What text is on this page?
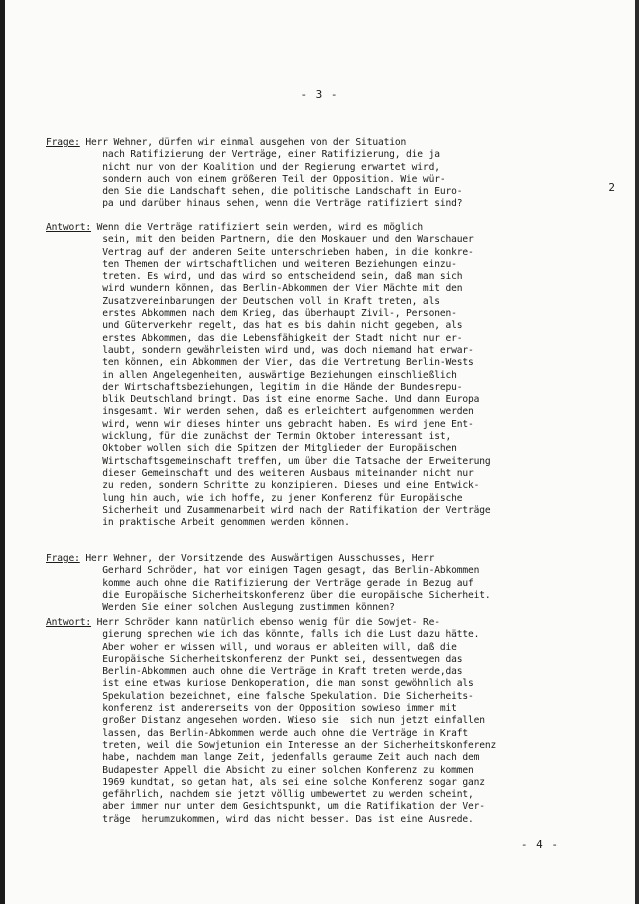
- 3 -
2
Frage: Herr Wehner, dürfen wir einmal ausgehen von der Situation
nach Ratifizierung der Verträge, einer Ratifizierung, die ja
nicht nur von der Koalition und der Regierung erwartet wird,
sondern auch von einem größeren Teil der Opposition. Wie wür-
den Sie die Landschaft sehen, die politische Landschaft in Euro-
pa und darüber hinaus sehen, wenn die Verträge ratifiziert sind?
Antwort: Wenn die Verträge ratifiziert sein werden, wird es möglich
sein, mit den beiden Partnern, die den Moskauer und den Warschauer
Vertrag auf der anderen Seite unterschrieben haben, in die konkre-
ten Themen der wirtschaftlichen und weiteren Beziehungen einzu-
treten. Es wird, und das wird so entscheidend sein, daß man sich
wird wundern können, das Berlin-Abkommen der Vier Mächte mit den
Zusatzvereinbarungen der Deutschen voll in Kraft treten, als
erstes Abkommen nach dem Krieg, das überhaupt Zivil-, Personen-
und Güterverkehr regelt, das hat es bis dahin nicht gegeben, als
erstes Abkommen, das die Lebensfähigkeit der Stadt nicht nur er-
laubt, sondern gewährleisten wird und, was doch niemand hat erwar-
ten können, ein Abkommen der Vier, das die Vertretung Berlin-Wests
in allen Angelegenheiten, auswärtige Beziehungen einschließlich
der Wirtschaftsbeziehungen, legitim in die Hände der Bundesrepu-
blik Deutschland bringt. Das ist eine enorme Sache. Und dann Europa
insgesamt. Wir werden sehen, daß es erleichtert aufgenommen werden
wird, wenn wir dieses hinter uns gebracht haben. Es wird jene Ent-
wicklung, für die zunächst der Termin Oktober interessant ist,
Oktober wollen sich die Spitzen der Mitglieder der Europäischen
Wirtschaftsgemeinschaft treffen, um über die Tatsache der Erweiterung
dieser Gemeinschaft und des weiteren Ausbaus miteinander nicht nur
zu reden, sondern Schritte zu konzipieren. Dieses und eine Entwick-
lung hin auch, wie ich hoffe, zu jener Konferenz für Europäische
Sicherheit und Zusammenarbeit wird nach der Ratifikation der Verträge
in praktische Arbeit genommen werden können.
Frage: Herr Wehner, der Vorsitzende des Auswärtigen Ausschusses, Herr
Gerhard Schröder, hat vor einigen Tagen gesagt, das Berlin-Abkommen
komme auch ohne die Ratifizierung der Verträge gerade in Bezug auf
die Europäische Sicherheitskonferenz über die europäische Sicherheit.
Werden Sie einer solchen Auslegung zustimmen können?
Antwort: Herr Schröder kann natürlich ebenso wenig für die Sowjet- Re-
gierung sprechen wie ich das könnte, falls ich die Lust dazu hätte.
Aber woher er wissen will, und woraus er ableiten will, daß die
Europäische Sicherheitskonferenz der Punkt sei, dessentwegen das
Berlin-Abkommen auch ohne die Verträge in Kraft treten werde,das
ist eine etwas kuriose Denkoperation, die man sonst gewöhnlich als
Spekulation bezeichnet, eine falsche Spekulation. Die Sicherheits-
konferenz ist andererseits von der Opposition sowieso immer mit
großer Distanz angesehen worden. Wieso sie  sich nun jetzt einfallen
lassen, das Berlin-Abkommen werde auch ohne die Verträge in Kraft
treten, weil die Sowjetunion ein Interesse an der Sicherheitskonferenz
habe, nachdem man lange Zeit, jedenfalls geraume Zeit auch nach dem
Budapester Appell die Absicht zu einer solchen Konferenz zu kommen
1969 kundtat, so getan hat, als sei eine solche Konferenz sogar ganz
gefährlich, nachdem sie jetzt völlig umbewertet zu werden scheint,
aber immer nur unter dem Gesichtspunkt, um die Ratifikation der Ver-
träge  herumzukommen, wird das nicht besser. Das ist eine Ausrede.
- 4 -
